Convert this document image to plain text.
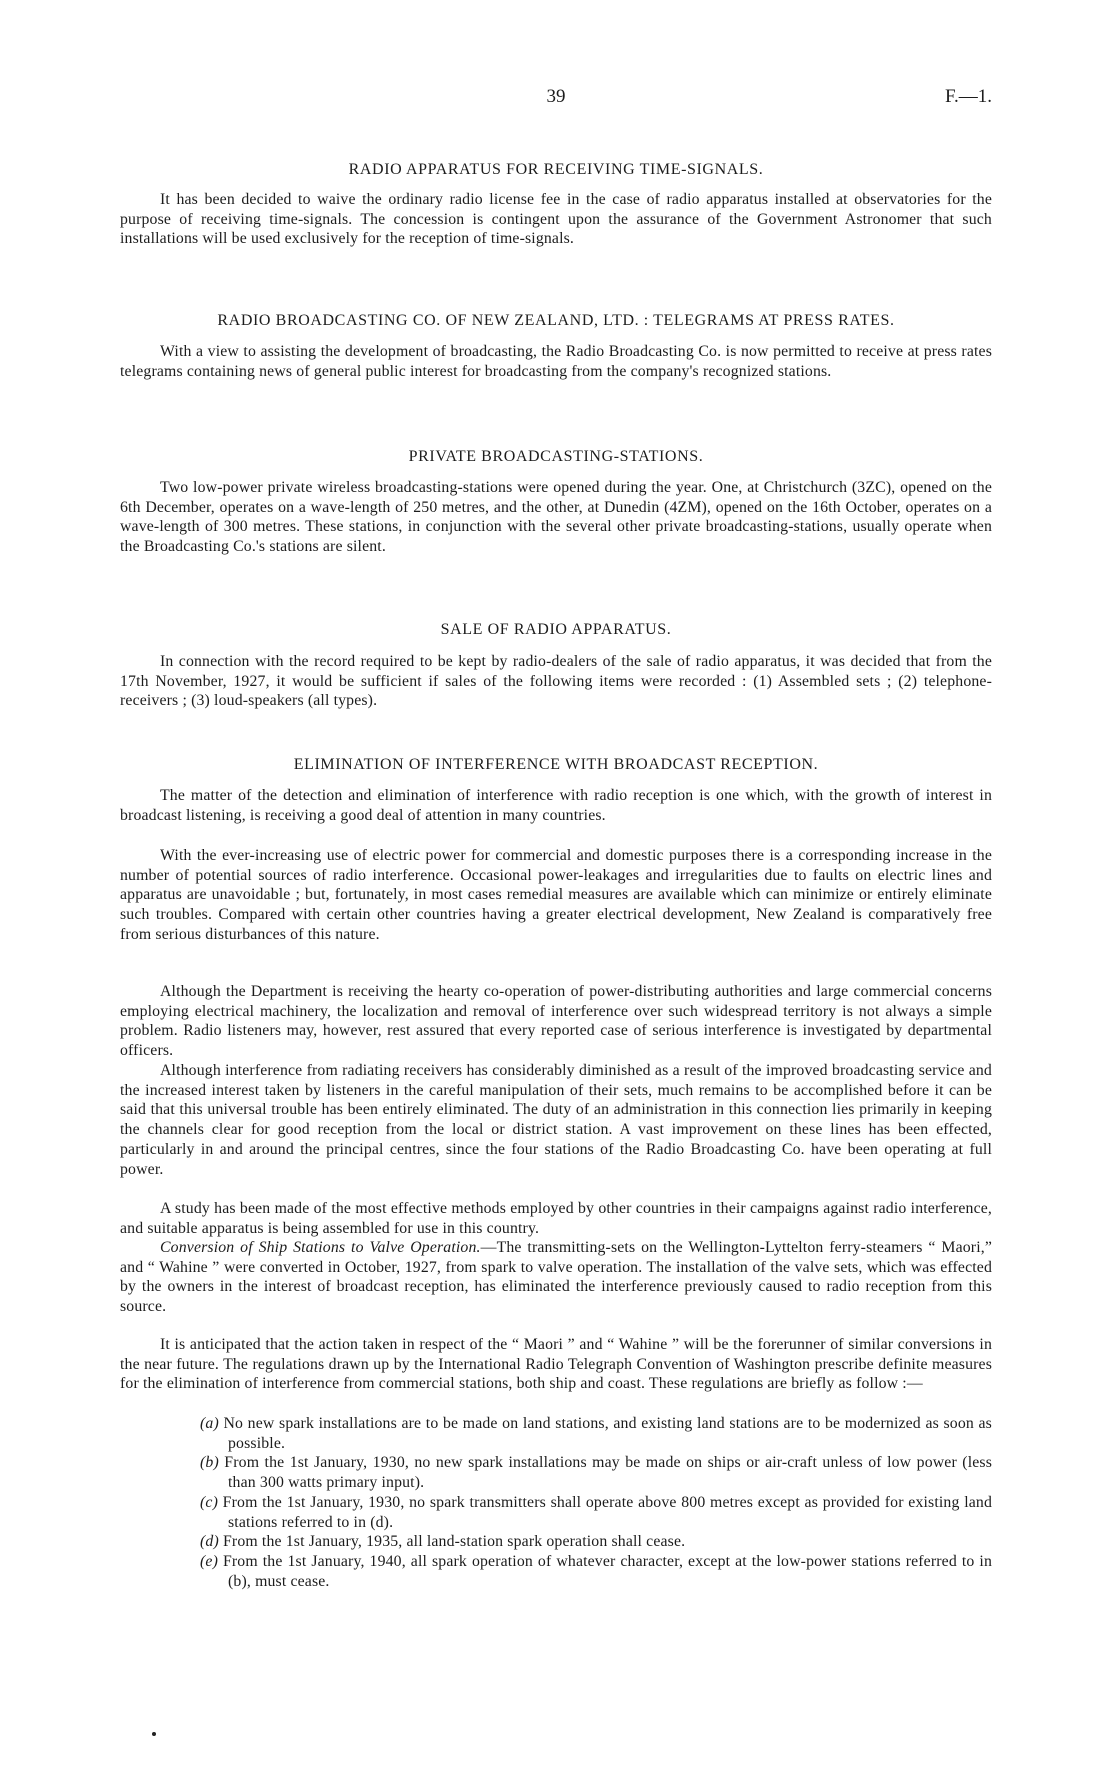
39	F.—1.
RADIO APPARATUS FOR RECEIVING TIME-SIGNALS.

It has been decided to waive the ordinary radio license fee in the case of radio apparatus installed at observatories for the purpose of receiving time-signals. The concession is contingent upon the assurance of the Government Astronomer that such installations will be used exclusively for the reception of time-signals.

RADIO BROADCASTING CO. OF NEW ZEALAND, LTD. : TELEGRAMS AT PRESS RATES.

With a view to assisting the development of broadcasting, the Radio Broadcasting Co. is now permitted to receive at press rates telegrams containing news of general public interest for broadcasting from the company's recognized stations.

PRIVATE BROADCASTING-STATIONS.

Two low-power private wireless broadcasting-stations were opened during the year. One, at Christchurch (3ZC), opened on the 6th December, operates on a wave-length of 250 metres, and the other, at Dunedin (4ZM), opened on the 16th October, operates on a wave-length of 300 metres. These stations, in conjunction with the several other private broadcasting-stations, usually operate when the Broadcasting Co.'s stations are silent.

SALE OF RADIO APPARATUS.

In connection with the record required to be kept by radio-dealers of the sale of radio apparatus, it was decided that from the 17th November, 1927, it would be sufficient if sales of the following items were recorded : (1) Assembled sets ; (2) telephone-receivers ; (3) loud-speakers (all types).

ELIMINATION OF INTERFERENCE WITH BROADCAST RECEPTION.

The matter of the detection and elimination of interference with radio reception is one which, with the growth of interest in broadcast listening, is receiving a good deal of attention in many countries.

With the ever-increasing use of electric power for commercial and domestic purposes there is a corresponding increase in the number of potential sources of radio interference. Occasional power-leakages and irregularities due to faults on electric lines and apparatus are unavoidable ; but, fortunately, in most cases remedial measures are available which can minimize or entirely eliminate such troubles. Compared with certain other countries having a greater electrical development, New Zealand is comparatively free from serious disturbances of this nature.

Although the Department is receiving the hearty co-operation of power-distributing authorities and large commercial concerns employing electrical machinery, the localization and removal of interference over such widespread territory is not always a simple problem. Radio listeners may, however, rest assured that every reported case of serious interference is investigated by departmental officers.

Although interference from radiating receivers has considerably diminished as a result of the improved broadcasting service and the increased interest taken by listeners in the careful manipulation of their sets, much remains to be accomplished before it can be said that this universal trouble has been entirely eliminated. The duty of an administration in this connection lies primarily in keeping the channels clear for good reception from the local or district station. A vast improvement on these lines has been effected, particularly in and around the principal centres, since the four stations of the Radio Broadcasting Co. have been operating at full power.

A study has been made of the most effective methods employed by other countries in their campaigns against radio interference, and suitable apparatus is being assembled for use in this country.

Conversion of Ship Stations to Valve Operation.—The transmitting-sets on the Wellington-Lyttelton ferry-steamers “ Maori,” and “ Wahine ” were converted in October, 1927, from spark to valve operation. The installation of the valve sets, which was effected by the owners in the interest of broadcast reception, has eliminated the interference previously caused to radio reception from this source.

It is anticipated that the action taken in respect of the “ Maori ” and “ Wahine ” will be the forerunner of similar conversions in the near future. The regulations drawn up by the International Radio Telegraph Convention of Washington prescribe definite measures for the elimination of interference from commercial stations, both ship and coast. These regulations are briefly as follow :—

(a) No new spark installations are to be made on land stations, and existing land stations are to be modernized as soon as possible.
(b) From the 1st January, 1930, no new spark installations may be made on ships or air-craft unless of low power (less than 300 watts primary input).
(c) From the 1st January, 1930, no spark transmitters shall operate above 800 metres except as provided for existing land stations referred to in (d).
(d) From the 1st January, 1935, all land-station spark operation shall cease.
(e) From the 1st January, 1940, all spark operation of whatever character, except at the low-power stations referred to in (b), must cease.
